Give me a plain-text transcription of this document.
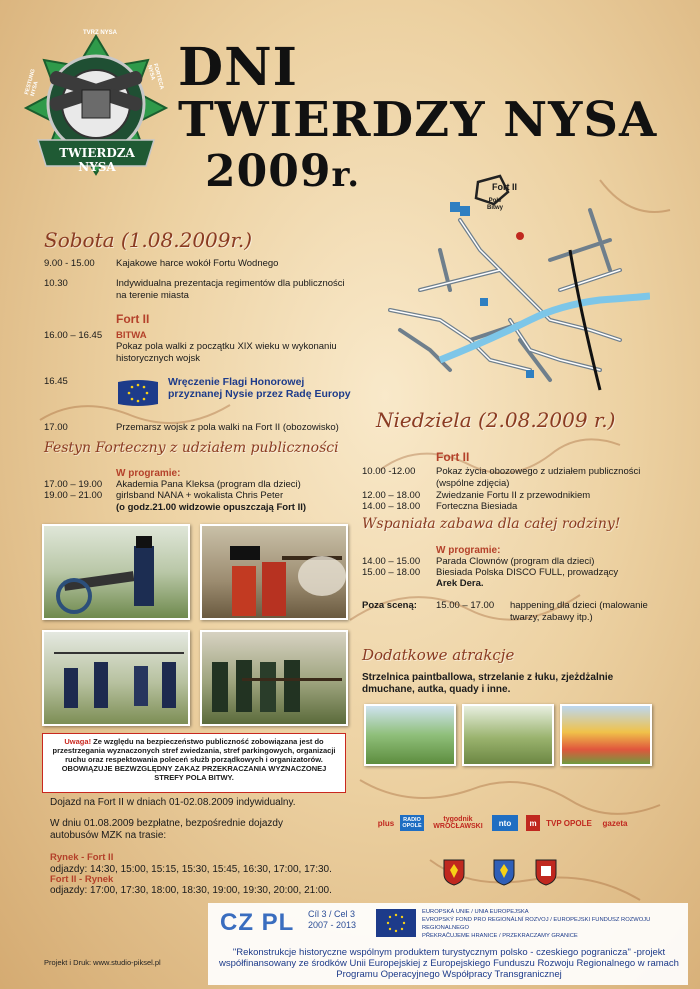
TWIERDZA NYSA
TVRZ NYSA
FESTUNG NYSA	FORTECA NYSA DNI
TWIERDZY NYSA
2009r.	Fort II
Pole Bitwy
Sobota (1.08.2009r.)
9.00 - 15.00 Kajakowe harce wokół Fortu Wodnego
10.30	Indywidualna prezentacja regimentów dla publiczności na terenie miasta
Fort II
16.00 – 16.45 BITWA
Pokaz pola walki z początku XIX wieku w wykonaniu historycznych wojsk
16.45	Wręczenie Flagi Honorowej przyznanej Nysie przez Radę Europy
17.00	Przemarsz wojsk z pola walki na Fort II (obozowisko)
Festyn Forteczny z udziałem publiczności
W programie:
17.00 – 19.00 Akademia Pana Kleksa (program dla dzieci)
19.00 – 21.00 girlsband NANA + wokalista Chris Peter
(o godz.21.00 widzowie opuszczają Fort II)
Uwaga! Ze względu na bezpieczeństwo publiczność zobowiązana jest do przestrzegania wyznaczonych stref zwiedzania, stref parkingowych, organizacji ruchu oraz respektowania poleceń służb porządkowych i organizatorów.
OBOWIĄZUJE BEZWZGLĘDNY ZAKAZ PRZEKRACZANIA WYZNACZONEJ STREFY POLA BITWY.
Dojazd na Fort II w dniach 01-02.08.2009 indywidualny.
W dniu 01.08.2009 bezpłatne, bezpośrednie dojazdy autobusów MZK na trasie:
Rynek - Fort II
odjazdy: 14:30, 15:00, 15:15, 15:30, 15:45, 16:30, 17:00, 17:30.
Fort II - Rynek
odjazdy: 17:00, 17:30, 18:00, 18:30, 19:00, 19:30, 20:00, 21:00.
Niedziela (2.08.2009 r.)
Fort II
10.00 -12.00 Pokaz życia obozowego z udziałem publiczności (wspólne zdjęcia)
12.00 – 18.00 Zwiedzanie Fortu II z przewodnikiem
14.00 – 18.00 Forteczna Biesiada
Wspaniała zabawa dla całej rodziny!
W programie:
14.00 – 15.00 Parada Clownów (program dla dzieci)
15.00 – 18.00 Biesiada Polska DISCO FULL, prowadzący
Arek Dera.
Poza sceną: 15.00 – 17.00 happening dla dzieci (malowanie twarzy, zabawy itp.)
Dodatkowe atrakcje
Strzelnica paintballowa, strzelanie z łuku, zjeżdżalnie dmuchane, autka, quady i inne.
plus	RADIO OPOLE
tygodnik WROCŁAWSKI	nto	m	TVP OPOLE	gazeta
CZ PL Cíl 3 / Cel 3
2007 - 2013
EUROPSKÁ UNIE / UNIA EUROPEJSKA
EVROPSKÝ FOND PRO REGIONÁLNÍ ROZVOJ / EUROPEJSKI FUNDUSZ ROZWOJU REGIONALNEGO
PŘEKRAČUJEME HRANICE / PRZEKRACZAMY GRANICE
"Rekonstrukcje historyczne wspólnym produktem turystycznym polsko - czeskiego pogranicza" -projekt współfinansowany ze środków Unii Europejskiej z Europejskiego Funduszu Rozwoju Regionalnego w ramach Programu Operacyjnego Współpracy Transgranicznej
Projekt i Druk: www.studio-piksel.pl
